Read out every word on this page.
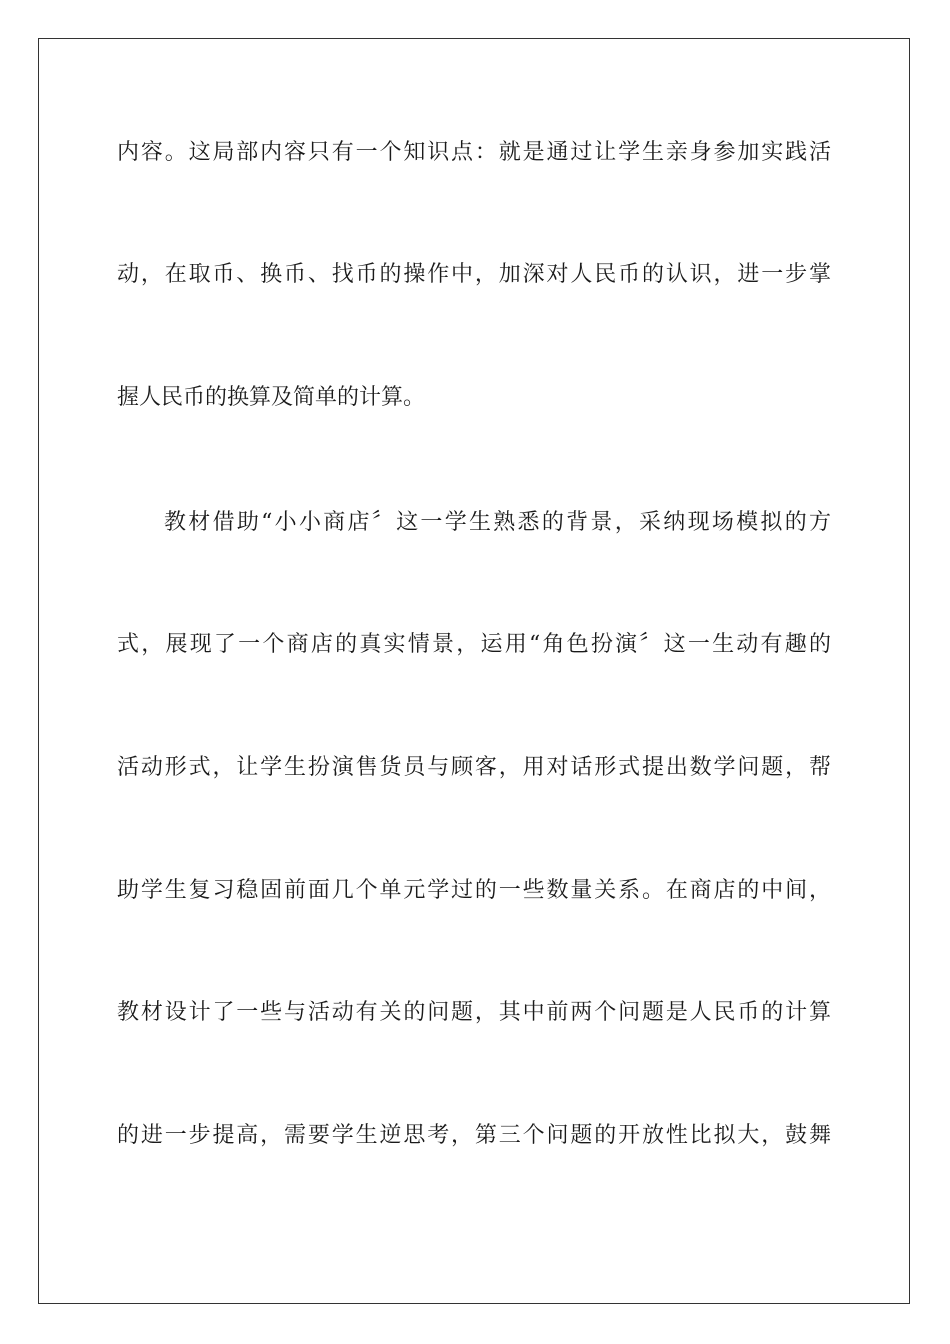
内容。这局部内容只有一个知识点：就是通过让学生亲身参加实践活
动，在取币、换币、找币的操作中，加深对人民币的认识，进一步掌
握人民币的换算及简单的计算。
教材借助“小小商店〞这一学生熟悉的背景，采纳现场模拟的方
式，展现了一个商店的真实情景，运用“角色扮演〞这一生动有趣的
活动形式，让学生扮演售货员与顾客，用对话形式提出数学问题，帮
助学生复习稳固前面几个单元学过的一些数量关系。在商店的中间，
教材设计了一些与活动有关的问题，其中前两个问题是人民币的计算
的进一步提高，需要学生逆思考，第三个问题的开放性比拟大，鼓舞
